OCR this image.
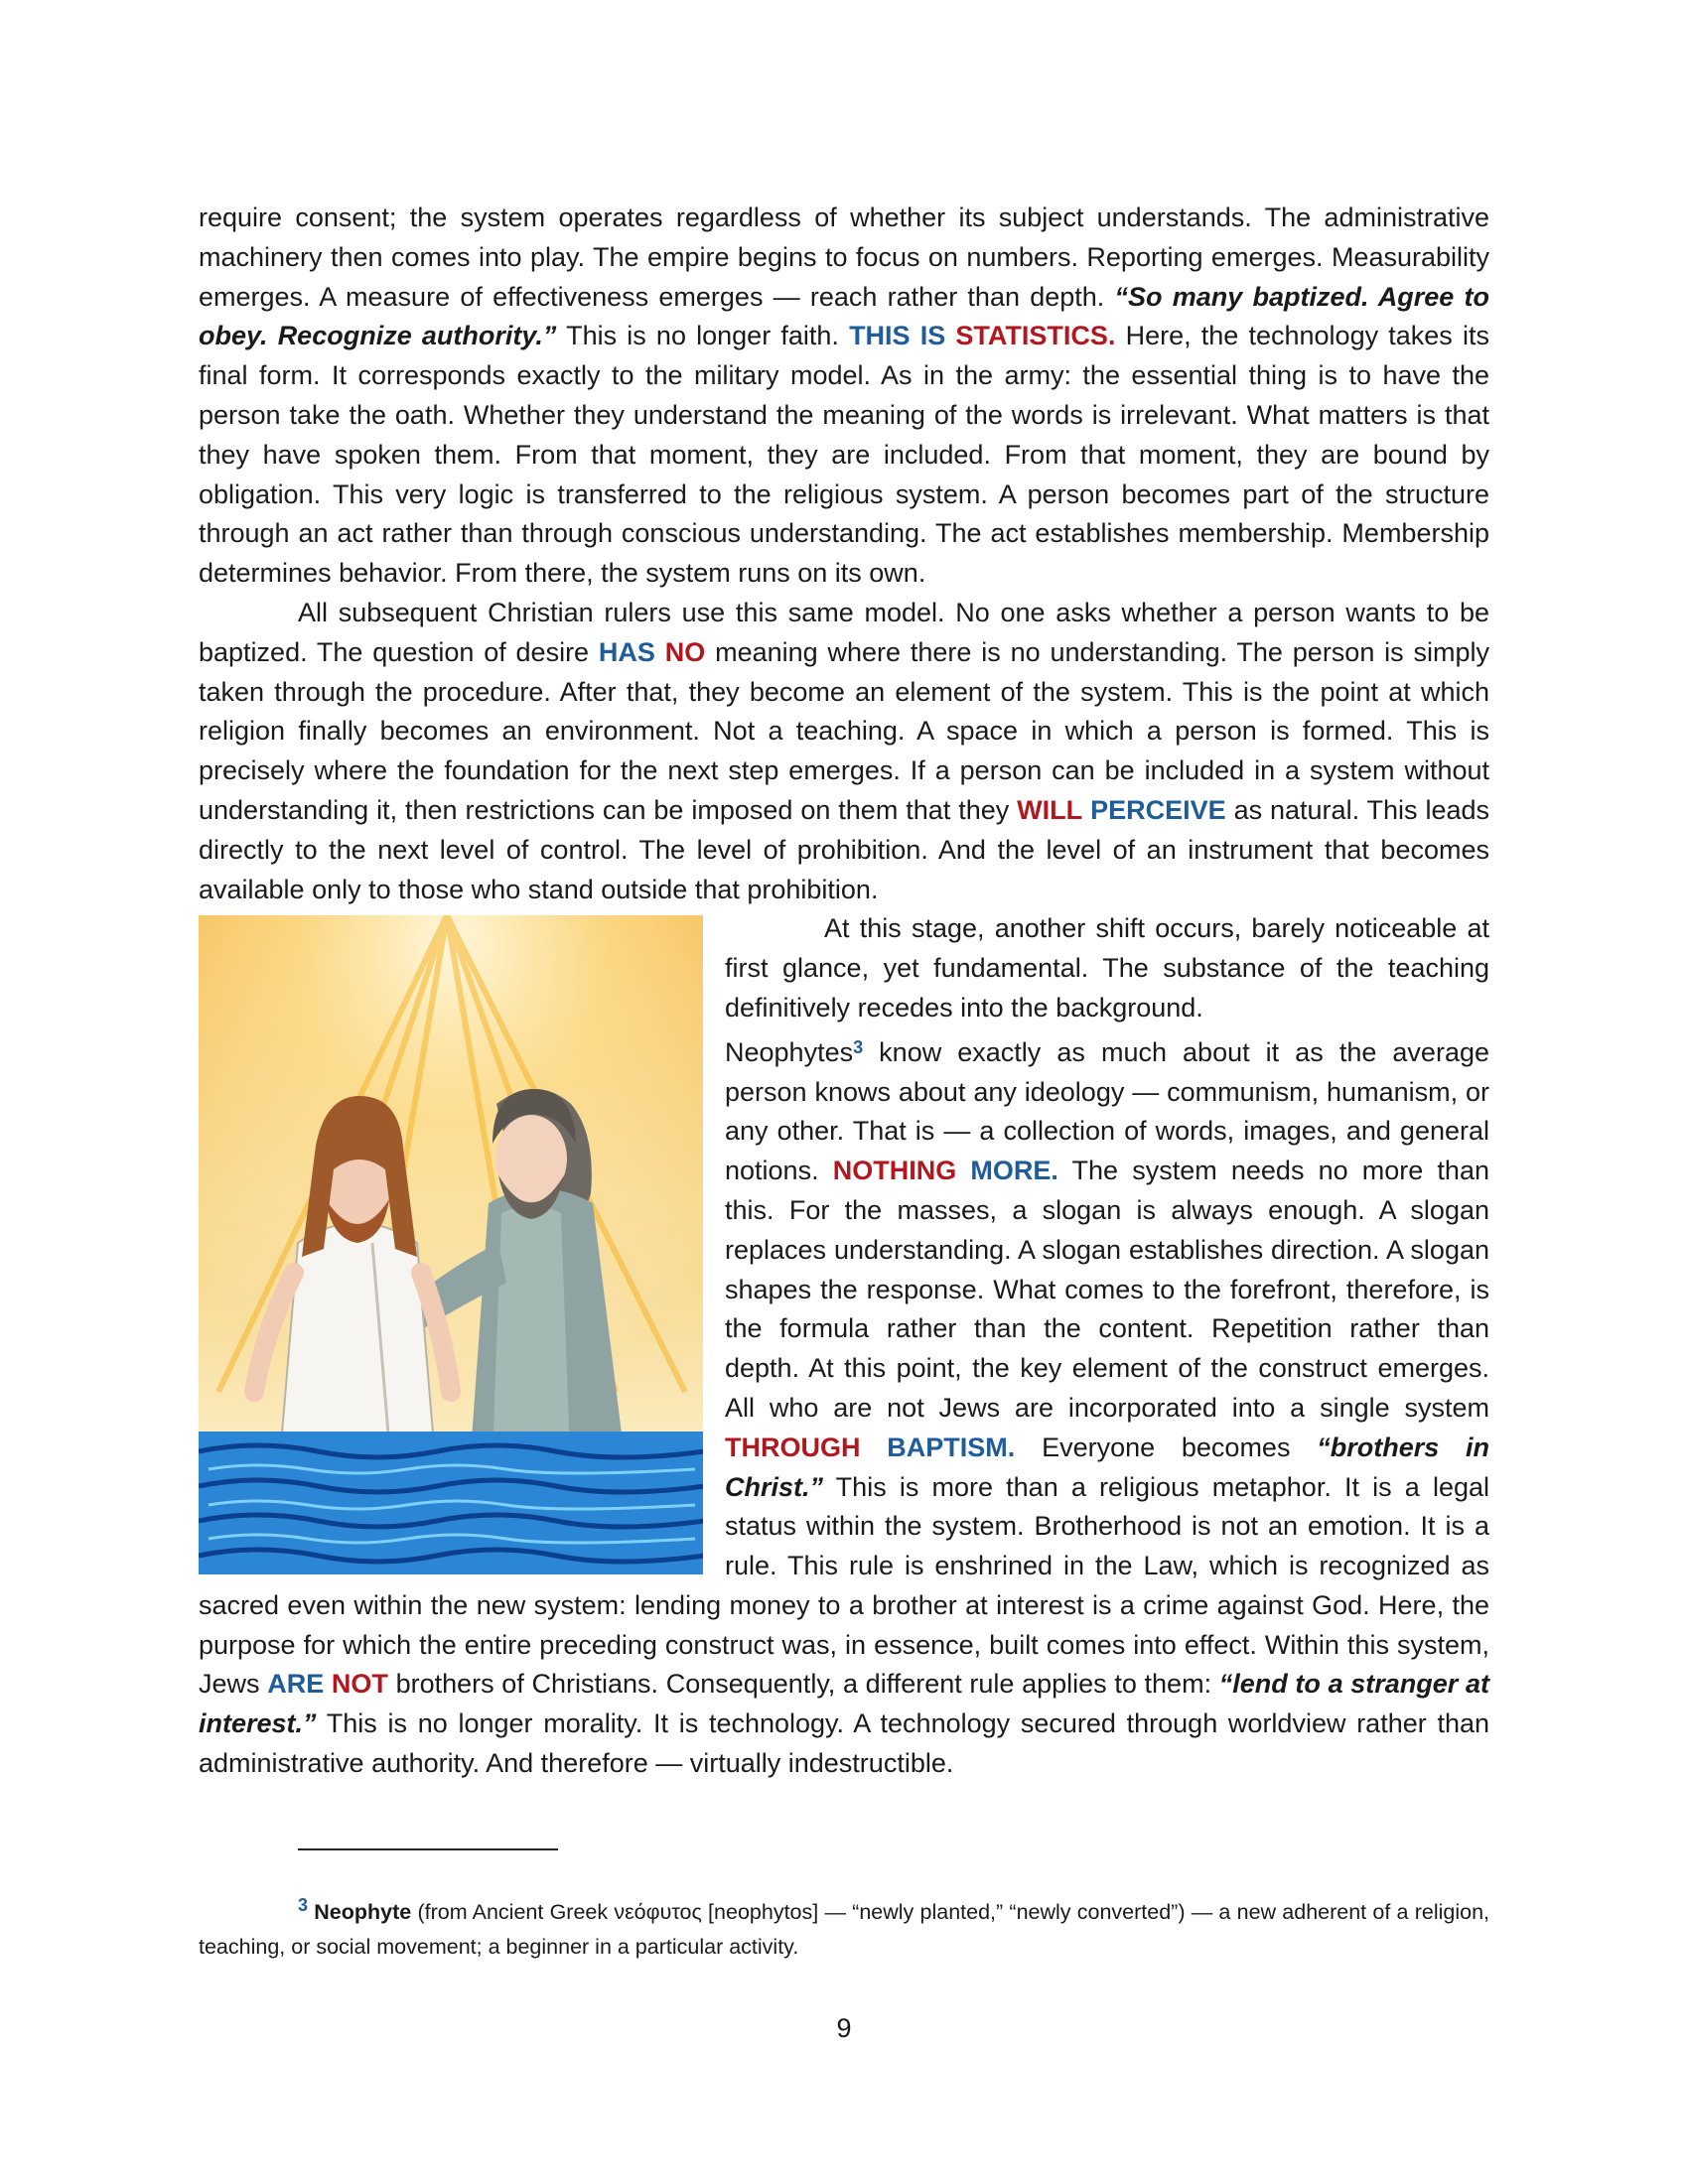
require consent; the system operates regardless of whether its subject understands. The administrative machinery then comes into play. The empire begins to focus on numbers. Reporting emerges. Measurability emerges. A measure of effectiveness emerges — reach rather than depth. “So many baptized. Agree to obey. Recognize authority.” This is no longer faith. THIS IS STATISTICS. Here, the technology takes its final form. It corresponds exactly to the military model. As in the army: the essential thing is to have the person take the oath. Whether they understand the meaning of the words is irrelevant. What matters is that they have spoken them. From that moment, they are included. From that moment, they are bound by obligation. This very logic is transferred to the religious system. A person becomes part of the structure through an act rather than through conscious understanding. The act establishes membership. Membership determines behavior. From there, the system runs on its own.

All subsequent Christian rulers use this same model. No one asks whether a person wants to be baptized. The question of desire HAS NO meaning where there is no understanding. The person is simply taken through the procedure. After that, they become an element of the system. This is the point at which religion finally becomes an environment. Not a teaching. A space in which a person is formed. This is precisely where the foundation for the next step emerges. If a person can be included in a system without understanding it, then restrictions can be imposed on them that they WILL PERCEIVE as natural. This leads directly to the next level of control. The level of prohibition. And the level of an instrument that becomes available only to those who stand outside that prohibition.

At this stage, another shift occurs, barely noticeable at first glance, yet fundamental. The substance of the teaching definitively recedes into the background.

Neophytes$^3$ know exactly as much about it as the average person knows about any ideology — communism, humanism, or any other. That is — a collection of words, images, and general notions. NOTHING MORE. The system needs no more than this. For the masses, a slogan is always enough. A slogan replaces understanding. A slogan establishes direction. A slogan shapes the response. What comes to the forefront, therefore, is the formula rather than the content. Repetition rather than depth. At this point, the key element of the construct emerges. All who are not Jews are incorporated into a single system THROUGH BAPTISM. Everyone becomes “brothers in Christ.” This is more than a religious metaphor. It is a legal status within the system. Brotherhood is not an emotion. It is a rule. This rule is enshrined in the Law, which is recognized as sacred even within the new system: lending money to a brother at interest is a crime against God. Here, the purpose for which the entire preceding construct was, in essence, built comes into effect. Within this system, Jews ARE NOT brothers of Christians. Consequently, a different rule applies to them: “lend to a stranger at interest.” This is no longer morality. It is technology. A technology secured through worldview rather than administrative authority. And therefore — virtually indestructible.

$^3$ Neophyte (from Ancient Greek νεόφυτος [neophytos] — “newly planted,” “newly converted”) — a new adherent of a religion, teaching, or social movement; a beginner in a particular activity.
9
